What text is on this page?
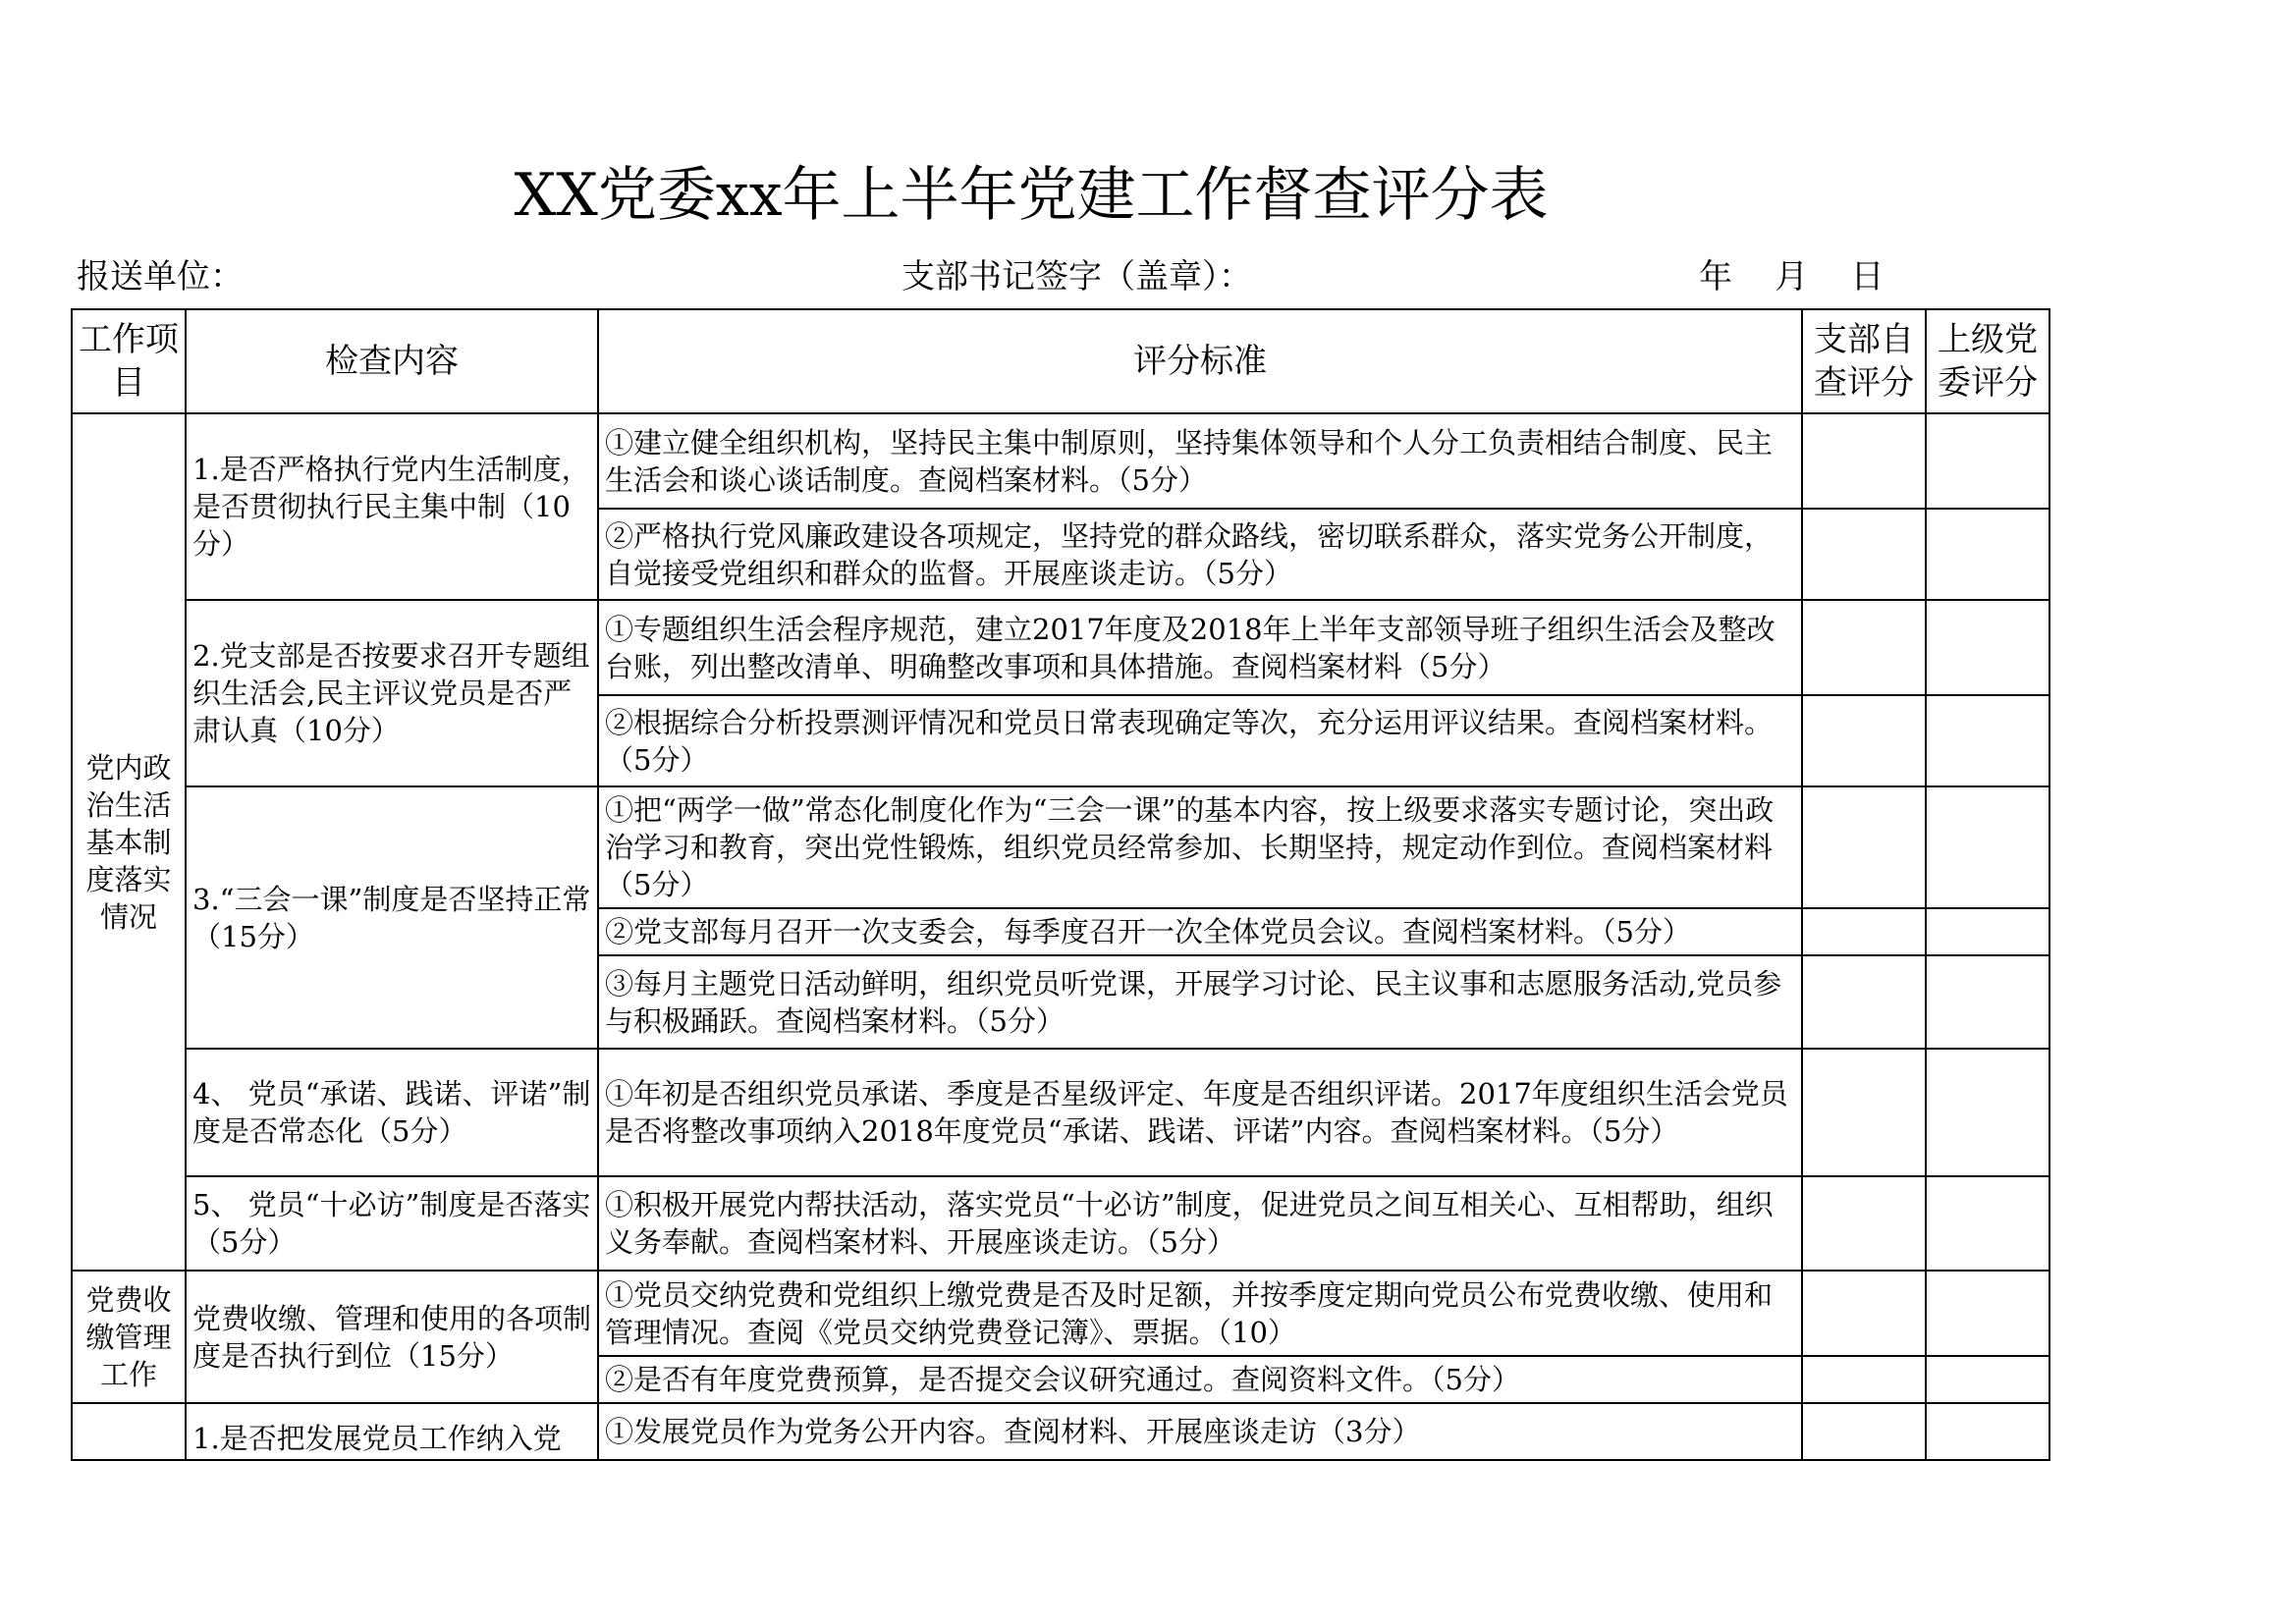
XX党委xx年上半年党建工作督查评分表
报送单位：	支部书记签字（盖章）：	年    月    日
工作项目	检查内容	评分标准	支部自查评分	上级党委评分
党内政治生活基本制度落实情况	1.是否严格执行党内生活制度，是否贯彻执行民主集中制（10分）	①建立健全组织机构，坚持民主集中制原则，坚持集体领导和个人分工负责相结合制度、民主生活会和谈心谈话制度。查阅档案材料。（5分）		
		②严格执行党风廉政建设各项规定，坚持党的群众路线，密切联系群众，落实党务公开制度，自觉接受党组织和群众的监督。开展座谈走访。（5分）		
	2.党支部是否按要求召开专题组织生活会,民主评议党员是否严肃认真（10分）	①专题组织生活会程序规范，建立2017年度及2018年上半年支部领导班子组织生活会及整改台账，列出整改清单、明确整改事项和具体措施。查阅档案材料（5分）		
		②根据综合分析投票测评情况和党员日常表现确定等次，充分运用评议结果。查阅档案材料。（5分）		
	3.“三会一课”制度是否坚持正常（15分）	①把“两学一做”常态化制度化作为“三会一课”的基本内容，按上级要求落实专题讨论，突出政治学习和教育，突出党性锻炼，组织党员经常参加、长期坚持，规定动作到位。查阅档案材料（5分）		
		②党支部每月召开一次支委会，每季度召开一次全体党员会议。查阅档案材料。（5分）		
		③每月主题党日活动鲜明，组织党员听党课，开展学习讨论、民主议事和志愿服务活动,党员参与积极踊跃。查阅档案材料。（5分）		
	4、 党员“承诺、践诺、评诺”制度是否常态化（5分）	①年初是否组织党员承诺、季度是否星级评定、年度是否组织评诺。2017年度组织生活会党员是否将整改事项纳入2018年度党员“承诺、践诺、评诺”内容。查阅档案材料。（5分）		
	5、 党员“十必访”制度是否落实（5分）	①积极开展党内帮扶活动，落实党员“十必访”制度，促进党员之间互相关心、互相帮助，组织义务奉献。查阅档案材料、开展座谈走访。（5分）		
党费收缴管理工作	党费收缴、管理和使用的各项制度是否执行到位（15分）	①党员交纳党费和党组织上缴党费是否及时足额，并按季度定期向党员公布党费收缴、使用和管理情况。查阅《党员交纳党费登记簿》、票据。（10）		
		②是否有年度党费预算，是否提交会议研究通过。查阅资料文件。（5分）		
	1.是否把发展党员工作纳入党	①发展党员作为党务公开内容。查阅材料、开展座谈走访（3分）		
